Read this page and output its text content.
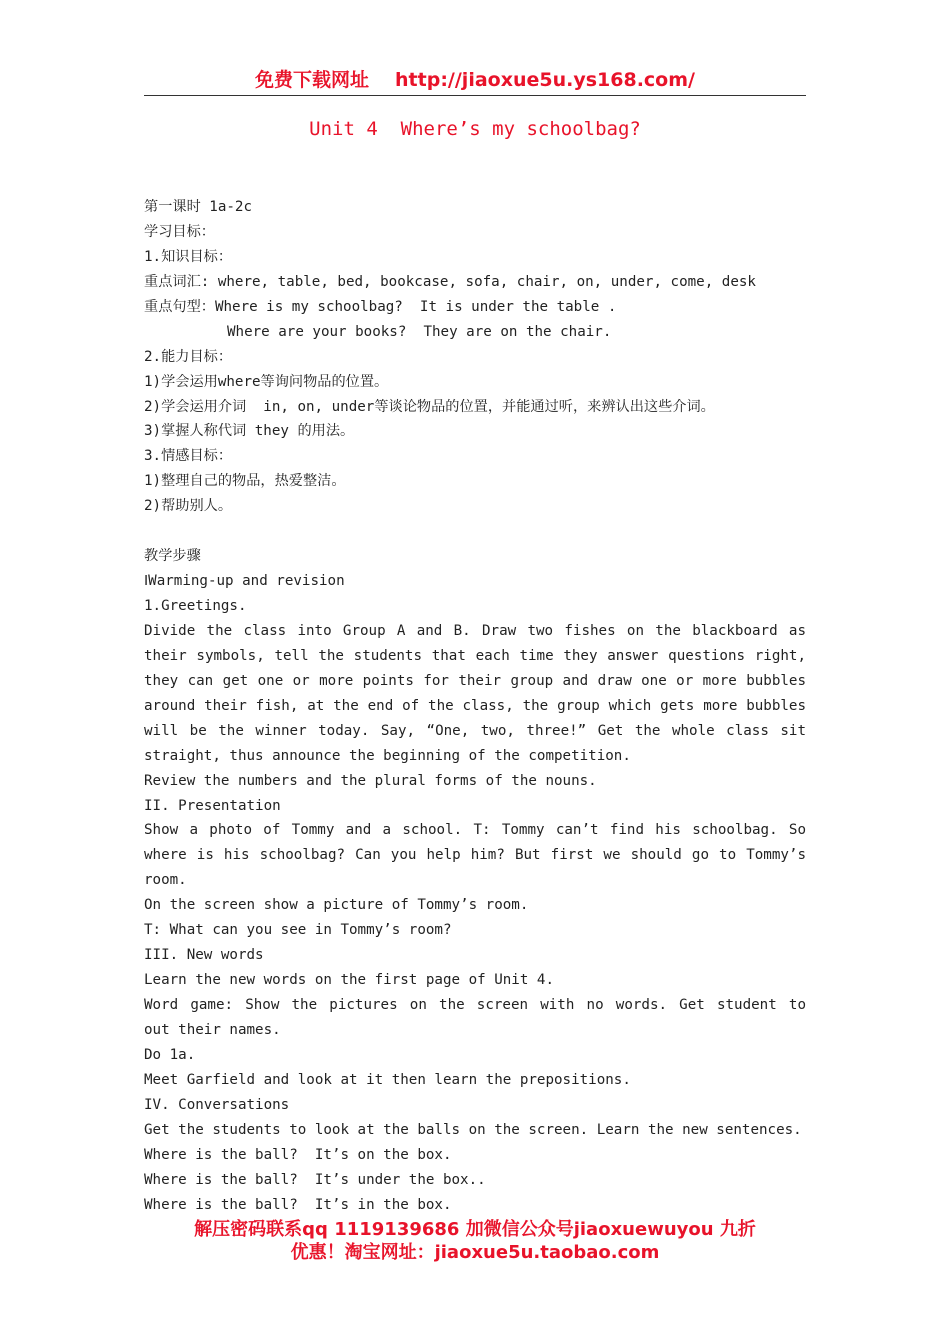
免费下载网址 http://jiaoxue5u.ys168.com/
Unit 4  Where’s my schoolbag?
第一课时 1a-2c
学习目标：
1.知识目标：
重点词汇: where, table, bed, bookcase, sofa, chair, on, under, come, desk
重点句型：Where is my schoolbag?  It is under the table .
Where are your books?  They are on the chair.
2.能力目标：
1)学会运用where等询问物品的位置。
2)学会运用介词  in, on, under等谈论物品的位置，并能通过听，来辨认出这些介词。
3)掌握人称代词 they 的用法。
3.情感目标：
1)整理自己的物品，热爱整洁。
2)帮助别人。
教学步骤
ⅠWarming-up and revision
1.Greetings.
Divide the class into Group A and B. Draw two fishes on the blackboard as
their symbols, tell the students that each time they answer questions right,
they can get one or more points for their group and draw one or more bubbles
around their fish, at the end of the class, the group which gets more bubbles
will be the winner today. Say, “One, two, three!” Get the whole class sit
straight, thus announce the beginning of the competition.
Review the numbers and the plural forms of the nouns.
II. Presentation
Show a photo of Tommy and a school. T: Tommy can’t find his schoolbag. So
where is his schoolbag? Can you help him? But first we should go to Tommy’s
room.
On the screen show a picture of Tommy’s room.
T: What can you see in Tommy’s room?
III. New words
Learn the new words on the first page of Unit 4.
Word game: Show the pictures on the screen with no words. Get student to
out their names.
Do 1a.
Meet Garfield and look at it then learn the prepositions.
IV. Conversations
Get the students to look at the balls on the screen. Learn the new sentences.
Where is the ball?  It’s on the box.
Where is the ball?  It’s under the box..
Where is the ball?  It’s in the box.
解压密码联系qq 1119139686 加微信公众号jiaoxuewuyou 九折
优惠！淘宝网址：jiaoxue5u.taobao.com
